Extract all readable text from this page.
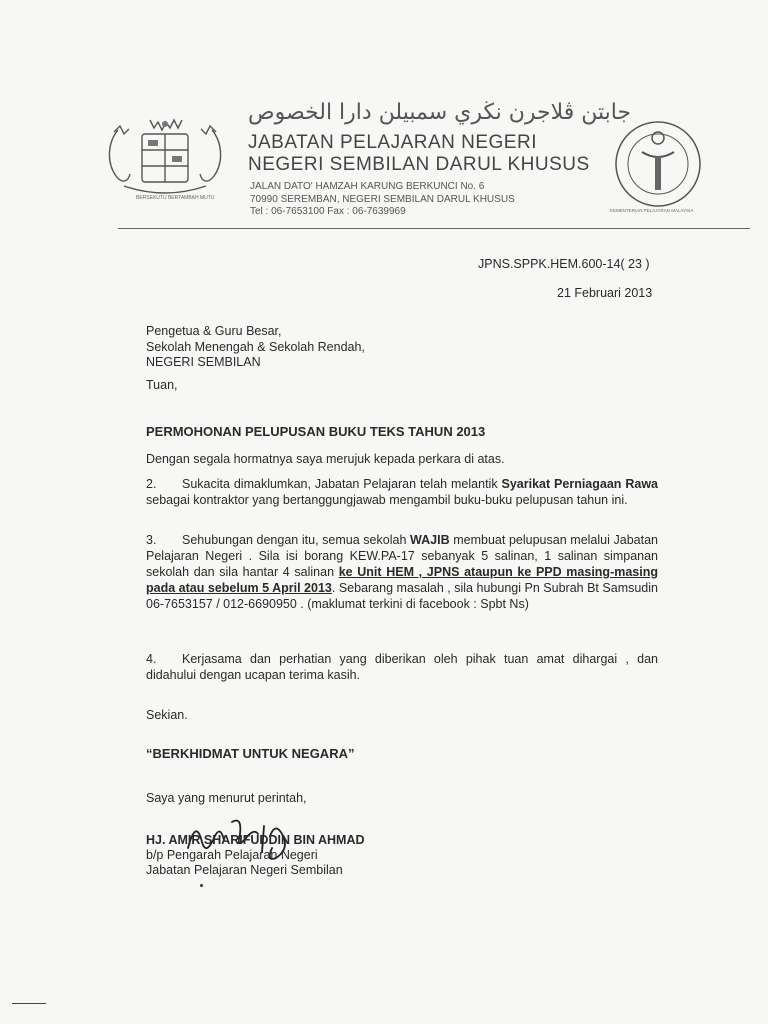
BERSEKUTU BERTAMBAH MUTU
جابتن ڤلاجرن نڬري سمبيلن دارا الخصوص
JABATAN PELAJARAN NEGERI
NEGERI SEMBILAN DARUL KHUSUS
JALAN DATO' HAMZAH KARUNG BERKUNCI No. 6
70990 SEREMBAN, NEGERI SEMBILAN DARUL KHUSUS
Tel : 06-7653100 Fax : 06-7639969	KEMENTERIAN PELAJARAN MALAYSIA
JPNS.SPPK.HEM.600-14( 23 )
21 Februari 2013
Pengetua & Guru Besar,
Sekolah Menengah & Sekolah Rendah,
NEGERI SEMBILAN
Tuan,
PERMOHONAN PELUPUSAN BUKU TEKS TAHUN 2013
Dengan segala hormatnya saya merujuk kepada perkara di atas.
2. Sukacita dimaklumkan, Jabatan Pelajaran telah melantik Syarikat Perniagaan Rawa sebagai kontraktor yang bertanggungjawab mengambil buku-buku pelupusan tahun ini.
3. Sehubungan dengan itu, semua sekolah WAJIB membuat pelupusan melalui Jabatan Pelajaran Negeri . Sila isi borang KEW.PA-17 sebanyak 5 salinan, 1 salinan simpanan sekolah dan sila hantar 4 salinan ke Unit HEM , JPNS ataupun ke PPD masing-masing pada atau sebelum 5 April 2013. Sebarang masalah , sila hubungi Pn Subrah Bt Samsudin 06-7653157 / 012-6690950 . (maklumat terkini di facebook : Spbt Ns)
4. Kerjasama dan perhatian yang diberikan oleh pihak tuan amat dihargai , dan didahului dengan ucapan terima kasih.
Sekian.
“BERKHIDMAT UNTUK NEGARA”
Saya yang menurut perintah,
HJ. AMIR SHARIFUDDIN BIN AHMAD
b/p Pengarah Pelajaran Negeri
Jabatan Pelajaran Negeri Sembilan
